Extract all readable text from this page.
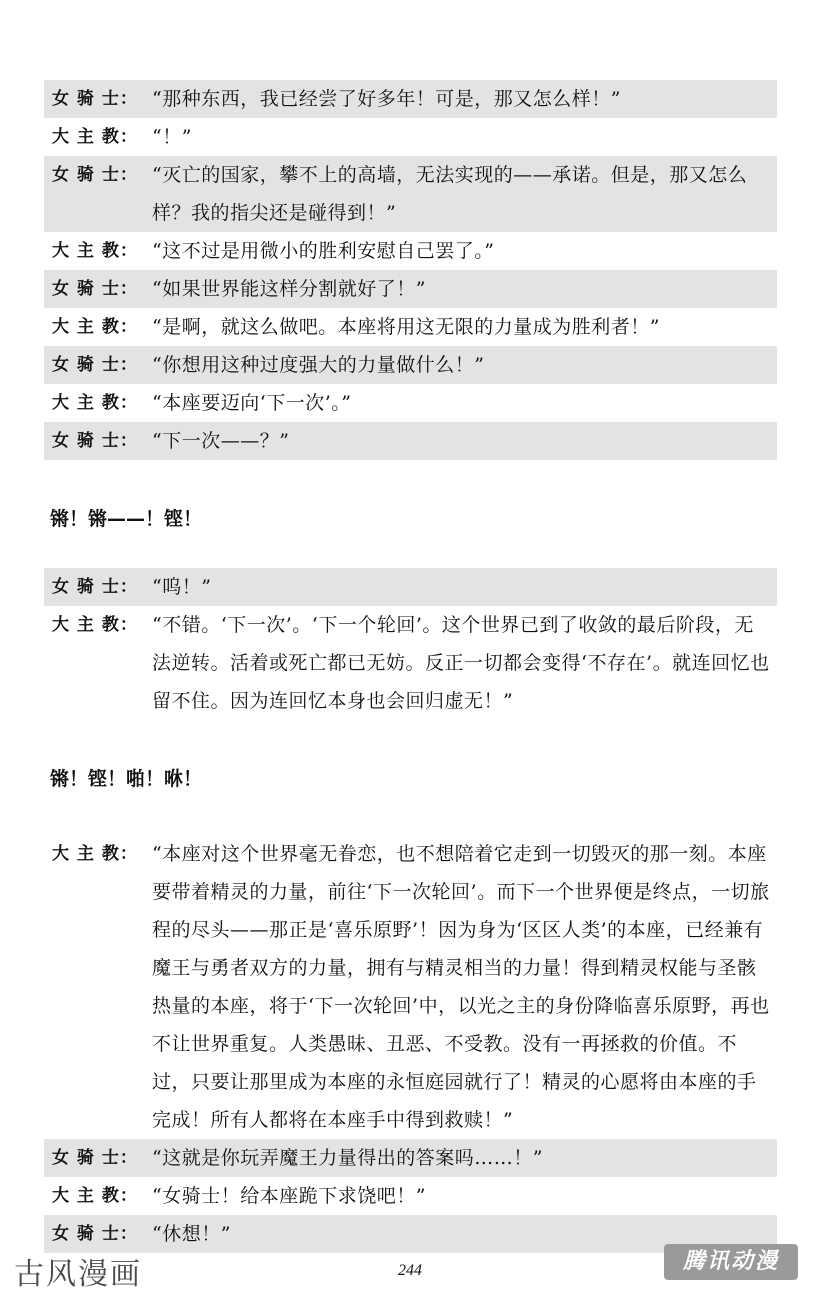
女 骑 士： “那种东西，我已经尝了好多年！可是，那又怎么样！”
大 主 教： “！”
女 骑 士： “灭亡的国家，攀不上的高墙，无法实现的——承诺。但是，那又怎么样？我的指尖还是碰得到！”
大 主 教： “这不过是用微小的胜利安慰自己罢了。”
女 骑 士： “如果世界能这样分割就好了！”
大 主 教： “是啊，就这么做吧。本座将用这无限的力量成为胜利者！”
女 骑 士： “你想用这种过度强大的力量做什么！”
大 主 教： “本座要迈向‘下一次’。”
女 骑 士： “下一次——？”
锵！锵——！铿！
女 骑 士： “呜！”
大 主 教： “不错。‘下一次’。‘下一个轮回’。这个世界已到了收敛的最后阶段，无法逆转。活着或死亡都已无妨。反正一切都会变得‘不存在’。就连回忆也留不住。因为连回忆本身也会回归虚无！”
锵！铿！啪！咻！
大 主 教： “本座对这个世界毫无眷恋，也不想陪着它走到一切毁灭的那一刻。本座要带着精灵的力量，前往‘下一次轮回’。而下一个世界便是终点，一切旅程的尽头——那正是‘喜乐原野’！因为身为‘区区人类’的本座，已经兼有魔王与勇者双方的力量，拥有与精灵相当的力量！得到精灵权能与圣骸热量的本座，将于‘下一次轮回’中，以光之主的身份降临喜乐原野，再也不让世界重复。人类愚昧、丑恶、不受教。没有一再拯救的价值。不过，只要让那里成为本座的永恒庭园就行了！精灵的心愿将由本座的手完成！所有人都将在本座手中得到救赎！”
女 骑 士： “这就是你玩弄魔王力量得出的答案吗……！”
大 主 教： “女骑士！给本座跪下求饶吧！”
女 骑 士： “休想！”
古风漫画	244	腾讯动漫
